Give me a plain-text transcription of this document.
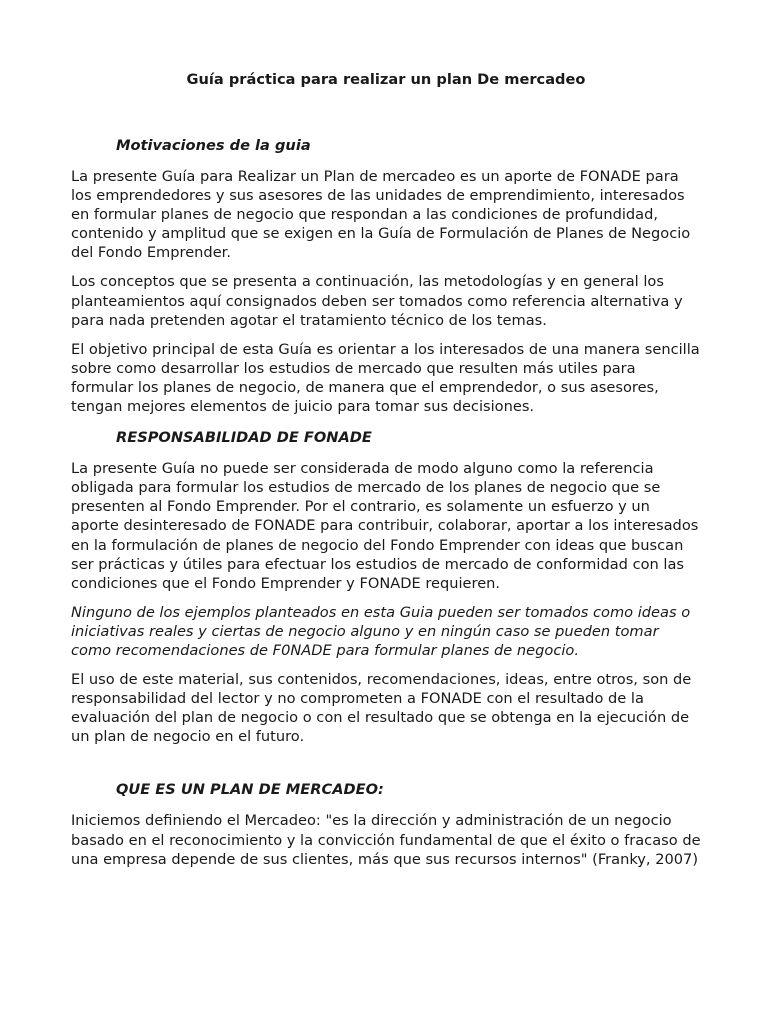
Guía práctica para realizar un plan De mercadeo
Motivaciones de la guia

La presente Guía para Realizar un Plan de mercadeo es un aporte de FONADE para los emprendedores y sus asesores de las unidades de emprendimiento, interesados en formular planes de negocio que respondan a las condiciones de profundidad, contenido y amplitud que se exigen en la Guía de Formulación de Planes de Negocio del Fondo Emprender.

Los conceptos que se presenta a continuación, las metodologías y en general los planteamientos aquí consignados deben ser tomados como referencia alternativa y para nada pretenden agotar el tratamiento técnico de los temas.

El objetivo principal de esta Guía es orientar a los interesados de una manera sencilla sobre como desarrollar los estudios de mercado que resulten más utiles para formular los planes de negocio, de manera que el emprendedor, o sus asesores, tengan mejores elementos de juicio para tomar sus decisiones.

RESPONSABILIDAD DE FONADE

La presente Guía no puede ser considerada de modo alguno como la referencia obligada para formular los estudios de mercado de los planes de negocio que se presenten al Fondo Emprender. Por el contrario, es solamente un esfuerzo y un aporte desinteresado de FONADE para contribuir, colaborar, aportar a los interesados en la formulación de planes de negocio del Fondo Emprender con ideas que buscan ser prácticas y útiles para efectuar los estudios de mercado de conformidad con las condiciones que el Fondo Emprender y FONADE requieren.

Ninguno de los ejemplos planteados en esta Guia pueden ser tomados como ideas o iniciativas reales y ciertas de negocio alguno y en ningún caso se pueden tomar como recomendaciones de F0NADE para formular planes de negocio.

El uso de este material, sus contenidos, recomendaciones, ideas, entre otros, son de responsabilidad del lector y no comprometen a FONADE con el resultado de la evaluación del plan de negocio o con el resultado que se obtenga en la ejecución de un plan de negocio en el futuro.

QUE ES UN PLAN DE MERCADEO:

Iniciemos definiendo el Mercadeo: "es la dirección y administración de un negocio basado en el reconocimiento y la convicción fundamental de que el éxito o fracaso de una empresa depende de sus clientes, más que sus recursos internos" (Franky, 2007)
